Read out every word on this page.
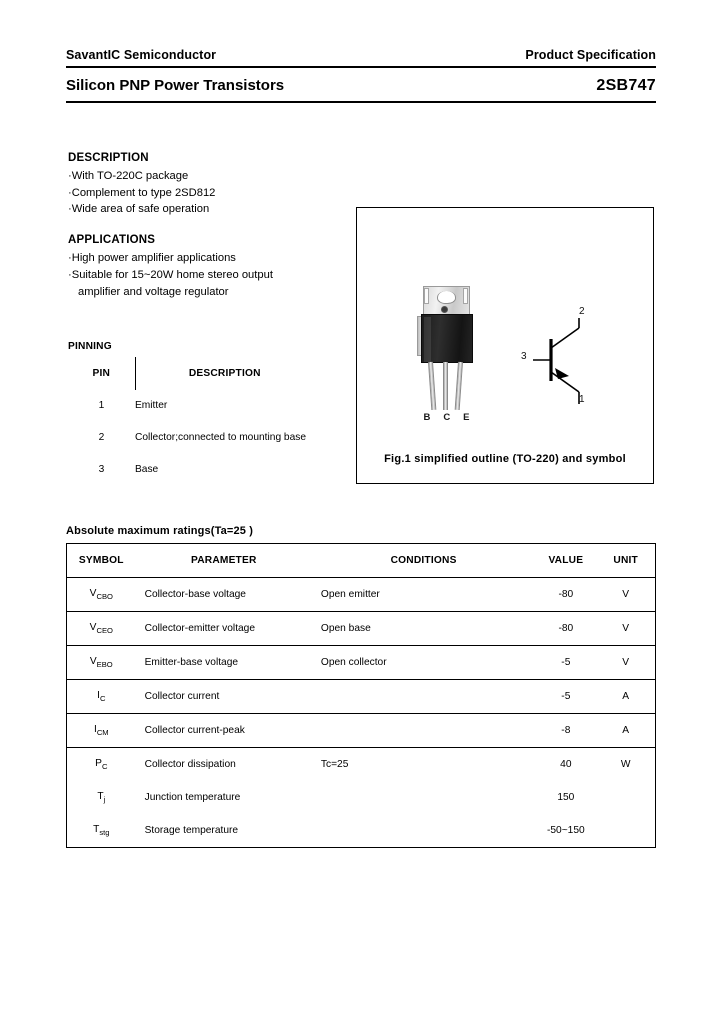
SavantIC Semiconductor	Product Specification
Silicon PNP Power Transistors	2SB747
DESCRIPTION
·With TO-220C package
·Complement to type 2SD812
·Wide area of safe operation
APPLICATIONS
·High power amplifier applications
·Suitable for 15~20W home stereo output
amplifier and voltage regulator
PINNING
PIN	DESCRIPTION
1	Emitter
2	Collector;connected to mounting base
3	Base
B C E
2
3
1
Fig.1 simplified outline (TO-220) and symbol
Absolute maximum ratings(Ta=25 )
SYMBOL	PARAMETER	CONDITIONS	VALUE	UNIT
$V_{CBO}$	Collector-base voltage	Open emitter	-80	V
$V_{CEO}$	Collector-emitter voltage	Open base	-80	V
$V_{EBO}$	Emitter-base voltage	Open collector	-5	V
$I_C$	Collector current		-5	A
$I_{CM}$	Collector current-peak		-8	A
$P_C$	Collector dissipation	Tc=25	40	W
$T_j$	Junction temperature		150	
$T_{stg}$	Storage temperature		-50~150	
